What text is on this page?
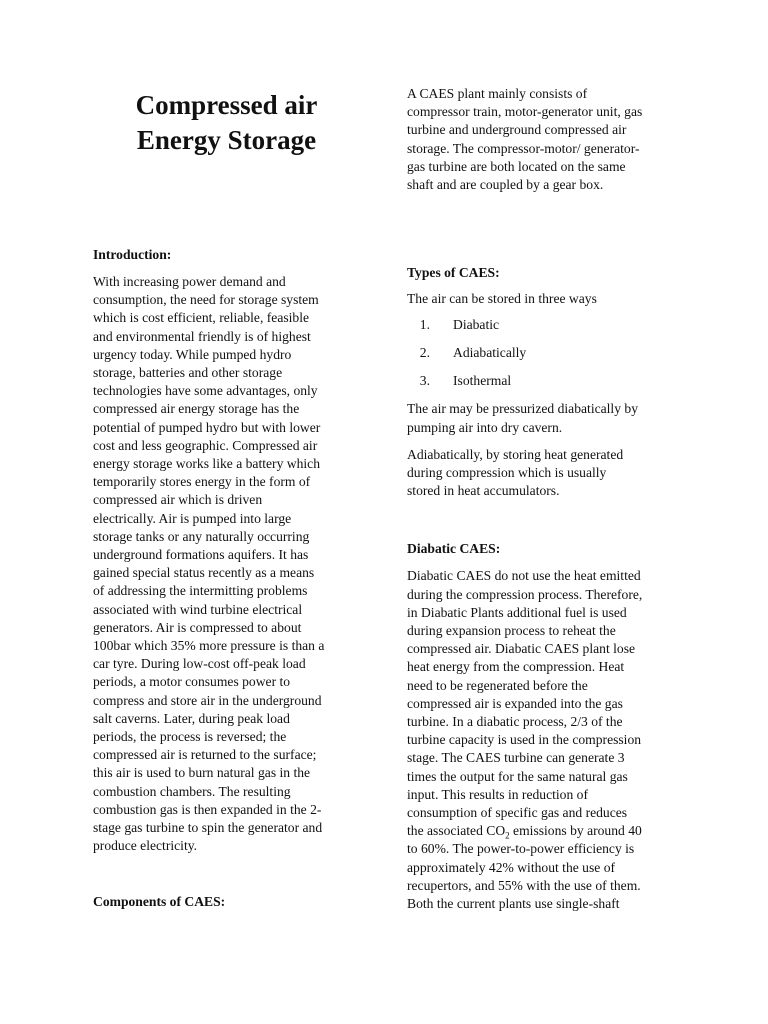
Compressed air
Energy Storage
Introduction:

With increasing power demand and
consumption, the need for storage system
which is cost efficient, reliable, feasible
and environmental friendly is of highest
urgency today. While pumped hydro
storage, batteries and other storage
technologies have some advantages, only
compressed air energy storage has the
potential of pumped hydro but with lower
cost and less geographic. Compressed air
energy storage works like a battery which
temporarily stores energy in the form of
compressed air which is driven
electrically. Air is pumped into large
storage tanks or any naturally occurring
underground formations aquifers. It has
gained special status recently as a means
of addressing the intermitting problems
associated with wind turbine electrical
generators. Air is compressed to about
100bar which 35% more pressure is than a
car tyre. During low-cost off-peak load
periods, a motor consumes power to
compress and store air in the underground
salt caverns. Later, during peak load
periods, the process is reversed; the
compressed air is returned to the surface;
this air is used to burn natural gas in the
combustion chambers. The resulting
combustion gas is then expanded in the 2-
stage gas turbine to spin the generator and
produce electricity.

Components of CAES:

A CAES plant mainly consists of
compressor train, motor-generator unit, gas
turbine and underground compressed air
storage. The compressor-motor/ generator-
gas turbine are both located on the same
shaft and are coupled by a gear box.

Types of CAES:

The air can be stored in three ways

1. Diabatic
2. Adiabatically
3. Isothermal

The air may be pressurized diabatically by
pumping air into dry cavern.

Adiabatically, by storing heat generated
during compression which is usually
stored in heat accumulators.

Diabatic CAES:

Diabatic CAES do not use the heat emitted
during the compression process. Therefore,
in Diabatic Plants additional fuel is used
during expansion process to reheat the
compressed air. Diabatic CAES plant lose
heat energy from the compression. Heat
need to be regenerated before the
compressed air is expanded into the gas
turbine. In a diabatic process, 2/3 of the
turbine capacity is used in the compression
stage. The CAES turbine can generate 3
times the output for the same natural gas
input. This results in reduction of
consumption of specific gas and reduces
the associated $CO_2$ emissions by around 40
to 60%. The power-to-power efficiency is
approximately 42% without the use of
recupertors, and 55% with the use of them.
Both the current plants use single-shaft
